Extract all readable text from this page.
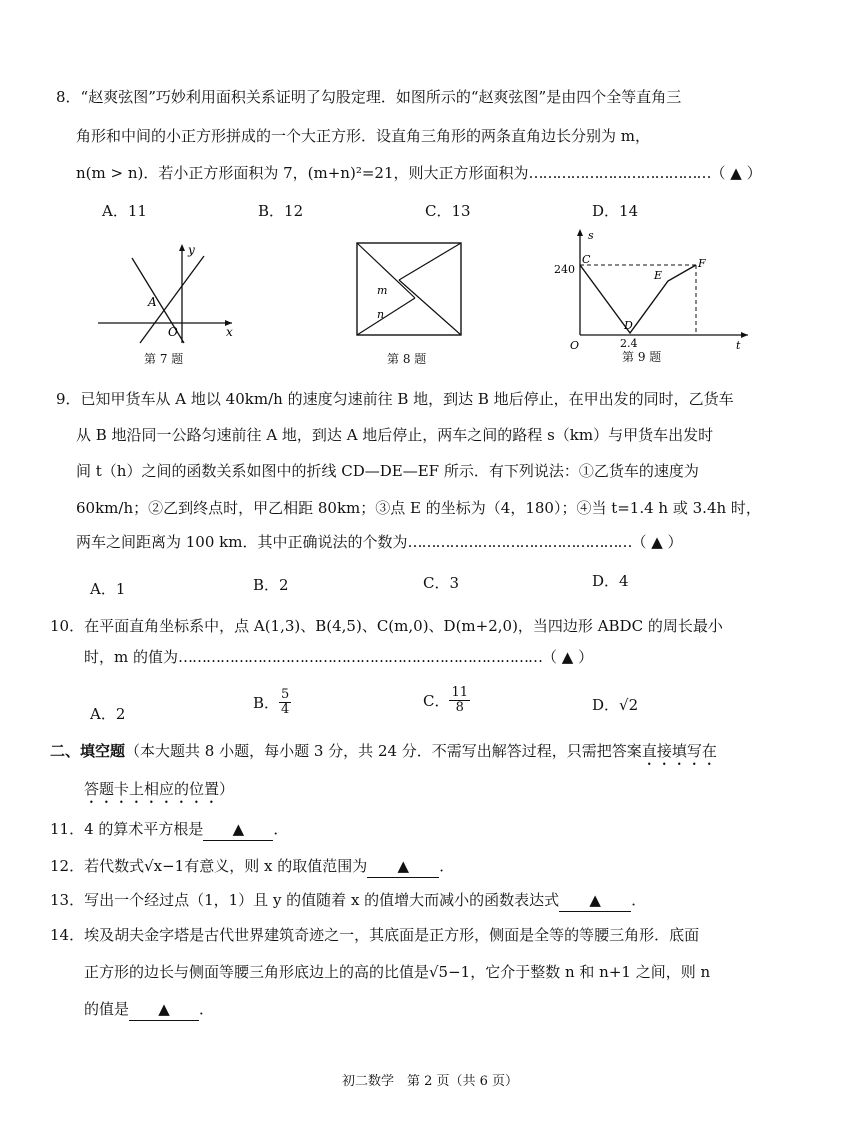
8．“赵爽弦图”巧妙利用面积关系证明了勾股定理．如图所示的“赵爽弦图”是由四个全等直角三
角形和中间的小正方形拼成的一个大正方形．设直角三角形的两条直角边长分别为 m，
n(m > n)．若小正方形面积为 7，(m+n)²=21，则大正方形面积为…………………………………（ ▲ ）
A．11	B．12	C．13	D．14
y
x
A
O
第 7 题
m
n
第 8 题
s
t
O
240
C
D
E
F
2.4
第 9 题
9．已知甲货车从 A 地以 40km/h 的速度匀速前往 B 地，到达 B 地后停止，在甲出发的同时，乙货车
从 B 地沿同一公路匀速前往 A 地，到达 A 地后停止，两车之间的路程 s（km）与甲货车出发时
间 t（h）之间的函数关系如图中的折线 CD—DE—EF 所示．有下列说法：①乙货车的速度为
60km/h；②乙到终点时，甲乙相距 80km；③点 E 的坐标为（4，180）；④当 t=1.4 h 或 3.4h 时，
两车之间距离为 100 km．其中正确说法的个数为…………………………………………（ ▲ ）
A．1	B．2	C．3	D．4
10．在平面直角坐标系中，点 A(1,3)、B(4,5)、C(m,0)、D(m+2,0)，当四边形 ABDC 的周长最小
时，m 的值为……………………………………………………………………（ ▲ ）
A．2
B． $\frac{5}{4}$	C． $\frac{11}{8}$	D．√2
二、填空题（本大题共 8 小题，每小题 3 分，共 24 分．不需写出解答过程，只需把答案直接填写在
答题卡上相应的位置）
11．4 的算术平方根是 ▲ ．
12．若代数式√x−1有意义，则 x 的取值范围为 ▲ ．
13．写出一个经过点（1，1）且 y 的值随着 x 的值增大而减小的函数表达式 ▲ ．
14．埃及胡夫金字塔是古代世界建筑奇迹之一，其底面是正方形，侧面是全等的等腰三角形．底面
正方形的边长与侧面等腰三角形底边上的高的比值是√5−1，它介于整数 n 和 n+1 之间，则 n
的值是 ▲ ．
初二数学　第 2 页（共 6 页）
